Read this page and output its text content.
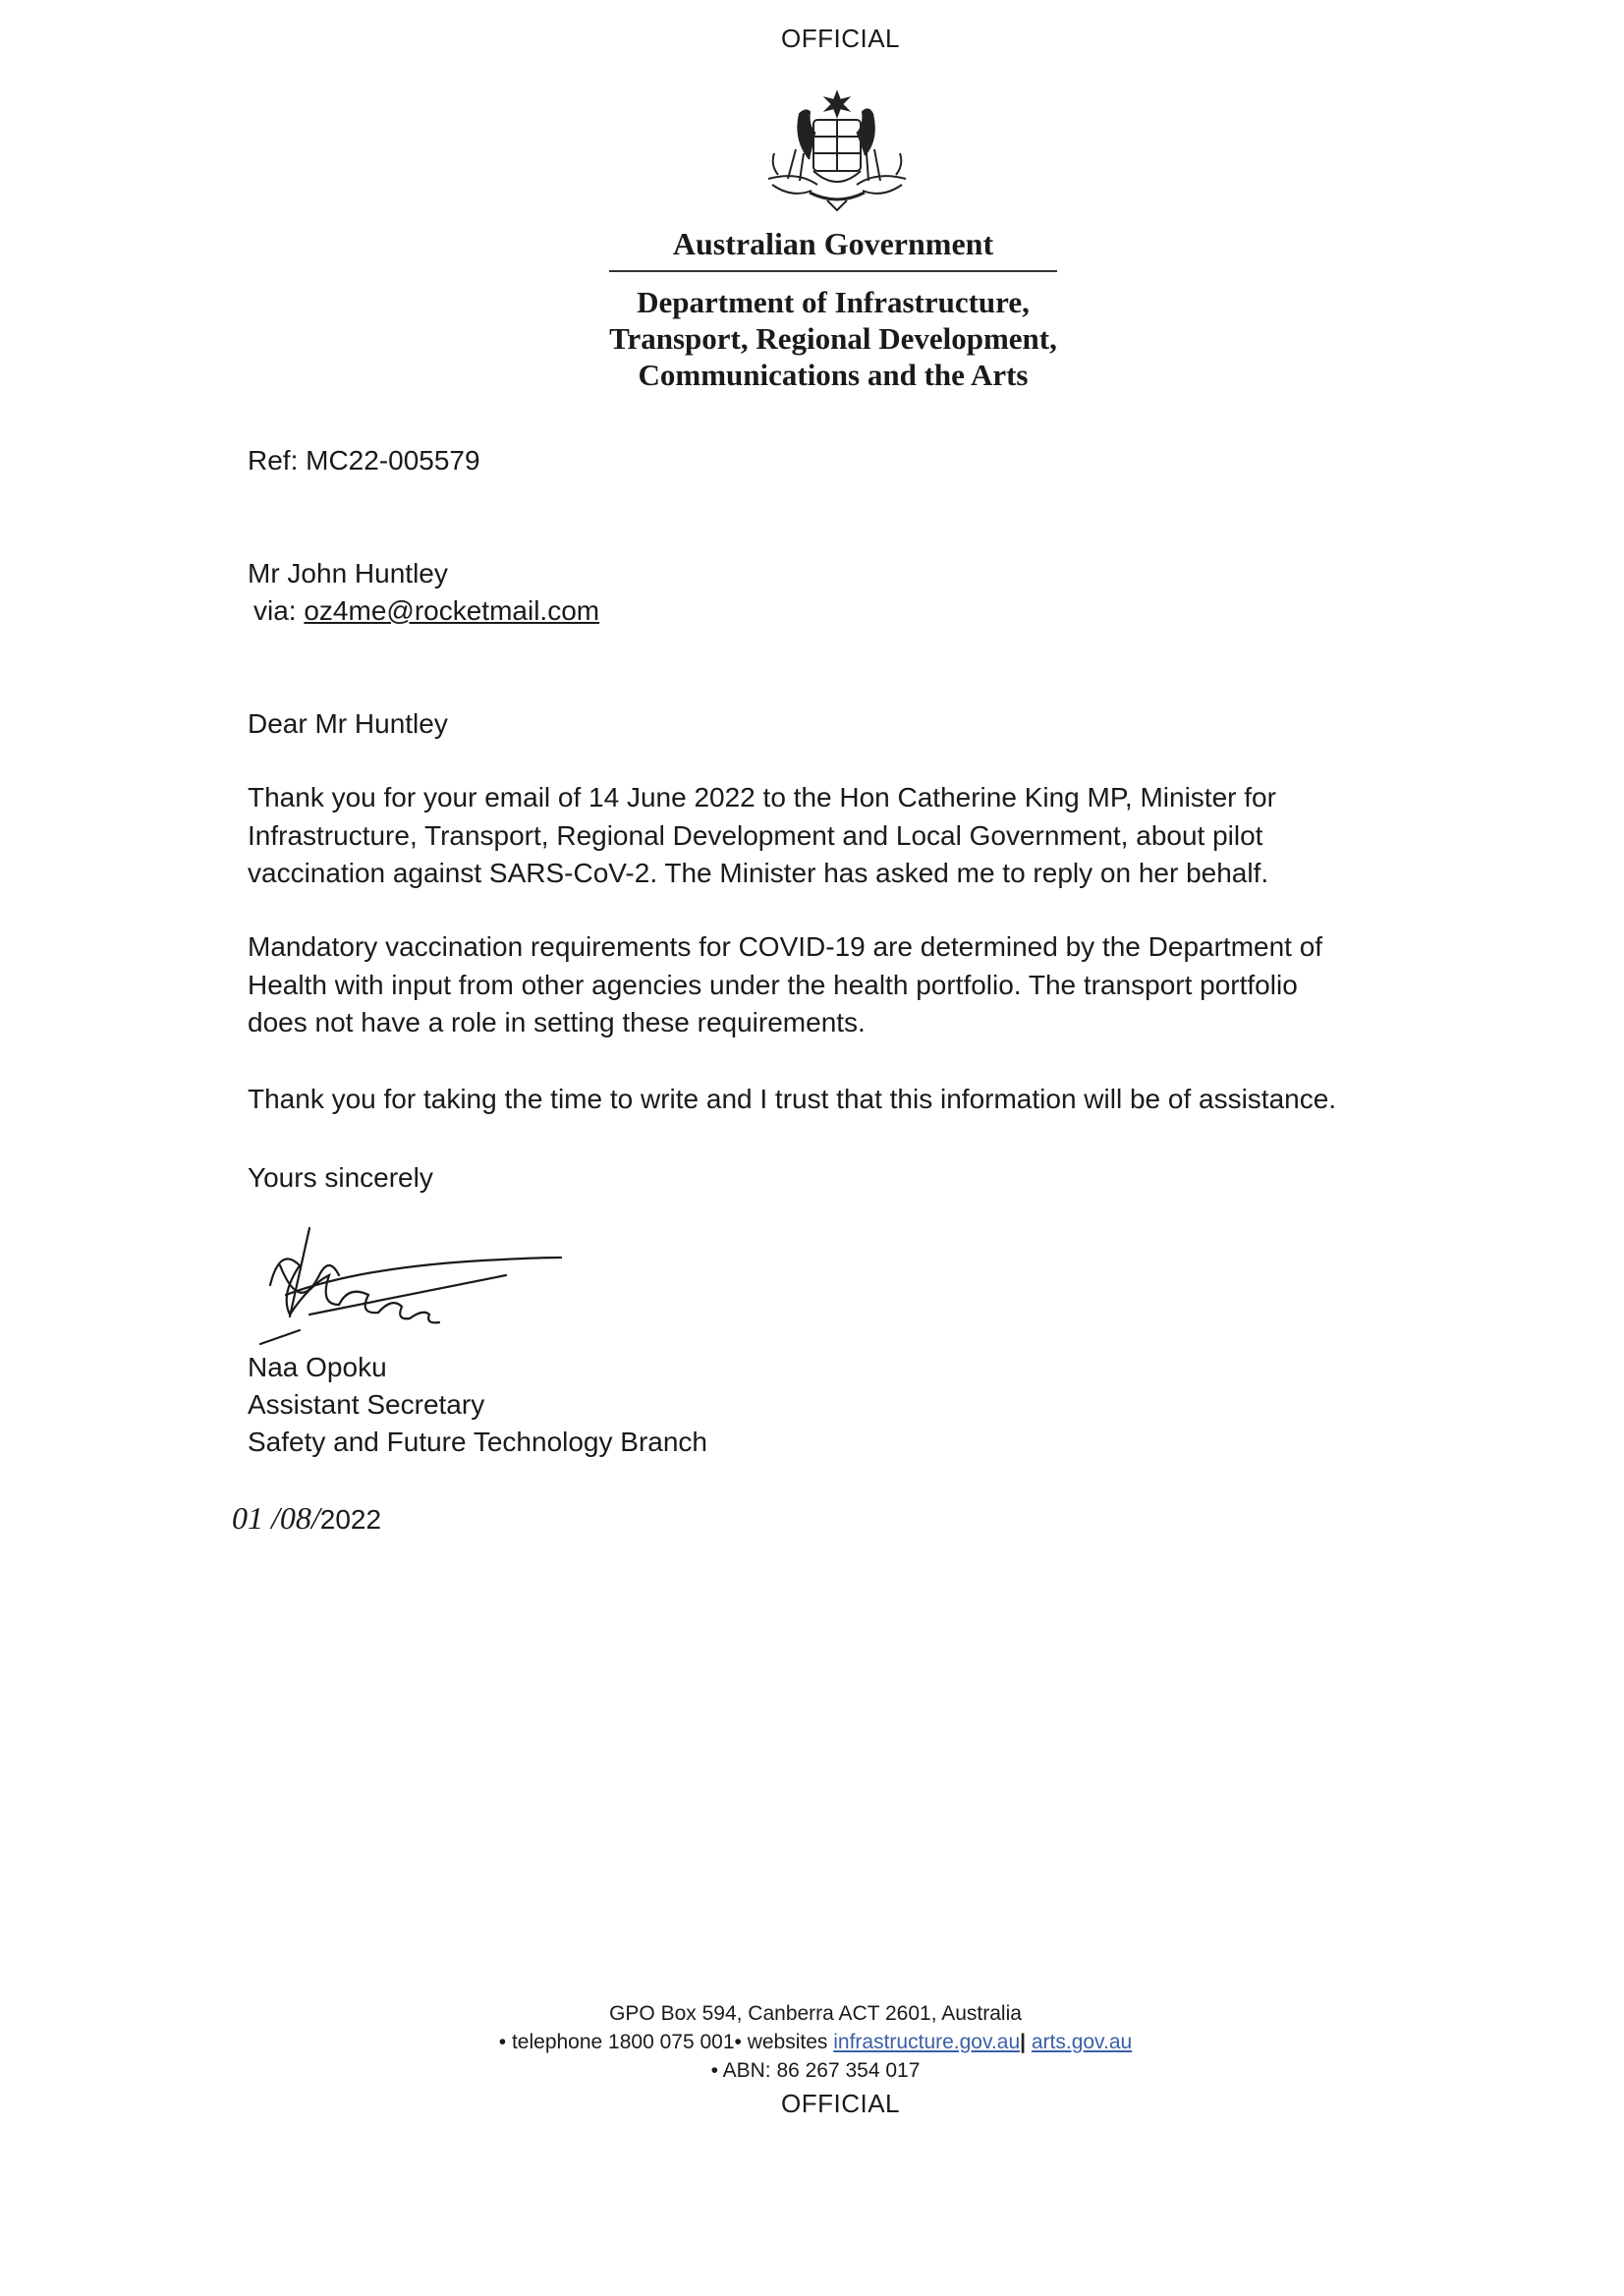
OFFICIAL
Australian Government
Department of Infrastructure,
Transport, Regional Development,
Communications and the Arts
Ref: MC22-005579
Mr John Huntley
via: oz4me@rocketmail.com
Dear Mr Huntley
Thank you for your email of 14 June 2022 to the Hon Catherine King MP, Minister for
Infrastructure, Transport, Regional Development and Local Government, about pilot
vaccination against SARS-CoV-2. The Minister has asked me to reply on her behalf.
Mandatory vaccination requirements for COVID-19 are determined by the Department of
Health with input from other agencies under the health portfolio. The transport portfolio
does not have a role in setting these requirements.
Thank you for taking the time to write and I trust that this information will be of assistance.
Yours sincerely
Naa Opoku
Assistant Secretary
Safety and Future Technology Branch
01 /08/2022
GPO Box 594, Canberra ACT 2601, Australia
• telephone 1800 075 001• websites infrastructure.gov.au| arts.gov.au
• ABN: 86 267 354 017
OFFICIAL
